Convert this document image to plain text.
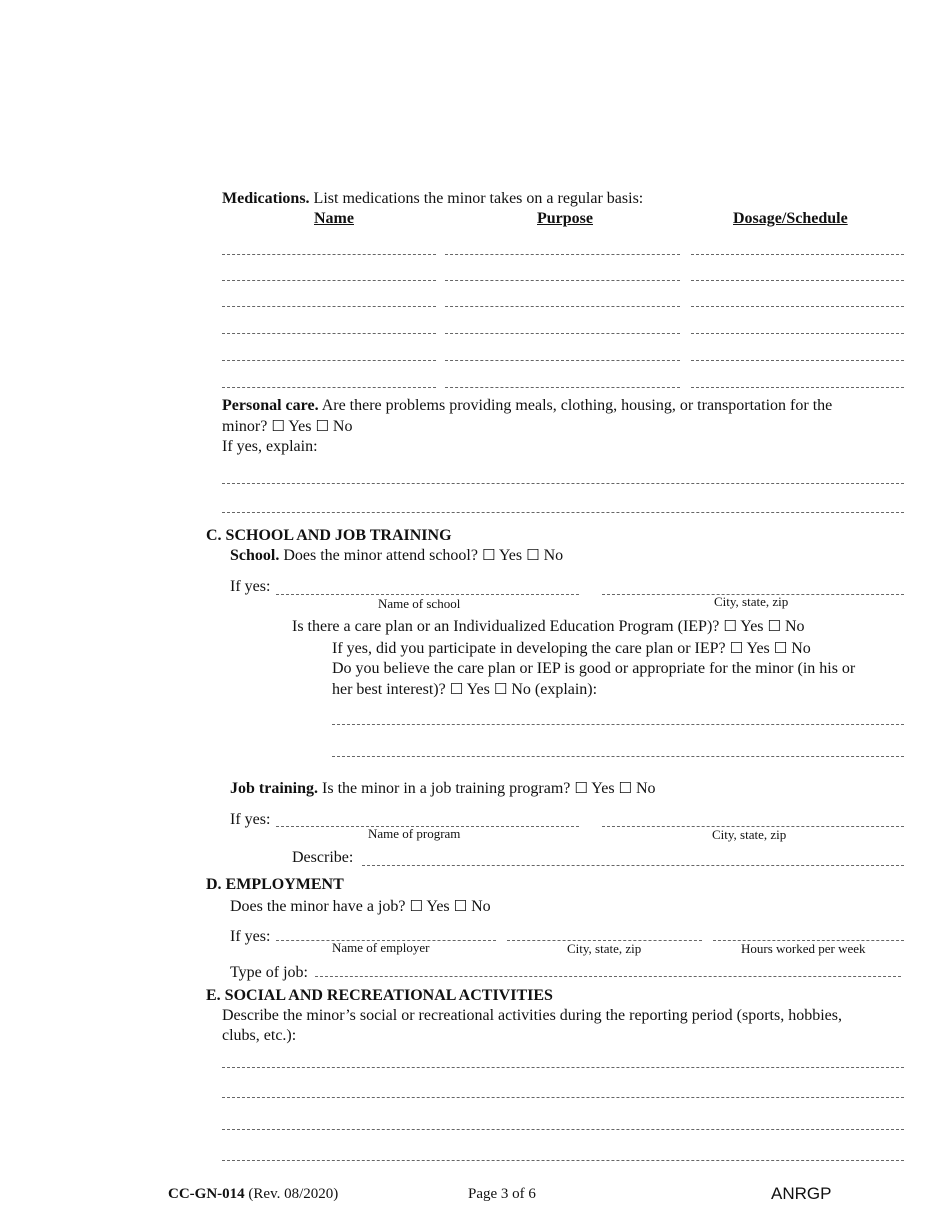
Medications. List medications the minor takes on a regular basis:
Name	Purpose	Dosage/Schedule
Personal care. Are there problems providing meals, clothing, housing, or transportation for the
minor? ☐ Yes ☐ No
If yes, explain:
C. SCHOOL AND JOB TRAINING
School. Does the minor attend school? ☐ Yes ☐ No
If yes:
Name of school	City, state, zip
Is there a care plan or an Individualized Education Program (IEP)? ☐ Yes ☐ No
If yes, did you participate in developing the care plan or IEP? ☐ Yes ☐ No
Do you believe the care plan or IEP is good or appropriate for the minor (in his or
her best interest)? ☐ Yes ☐ No (explain):
Job training. Is the minor in a job training program? ☐ Yes ☐ No
If yes:
Name of program	City, state, zip
Describe:
D. EMPLOYMENT
Does the minor have a job? ☐ Yes ☐ No
If yes:
Name of employer	City, state, zip	Hours worked per week
Type of job:
E. SOCIAL AND RECREATIONAL ACTIVITIES
Describe the minor’s social or recreational activities during the reporting period (sports, hobbies,
clubs, etc.):
CC-GN-014 (Rev. 08/2020)	Page 3 of 6	ANRGP
